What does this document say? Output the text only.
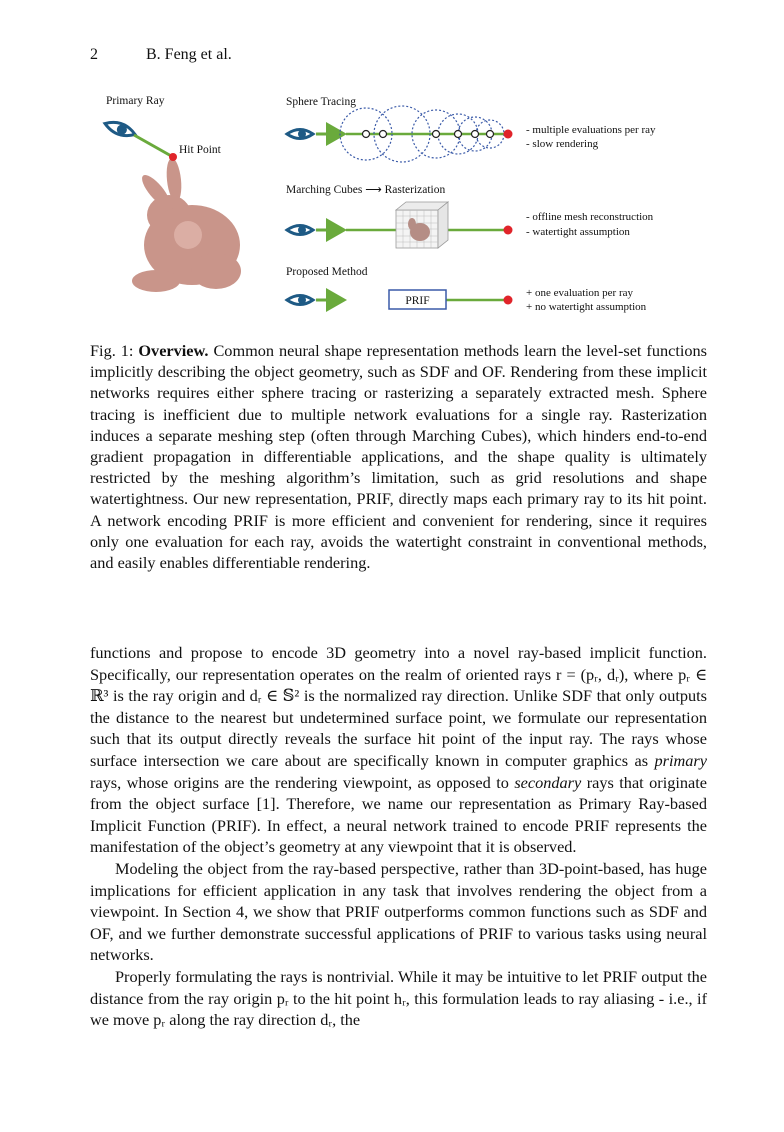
2	B. Feng et al.
Primary Ray
Hit Point
Sphere Tracing
- multiple evaluations per ray
- slow rendering
Marching Cubes ⟶ Rasterization
- offline mesh reconstruction
- watertight assumption
Proposed Method
PRIF
+ one evaluation per ray
+ no watertight assumption
Fig. 1: Overview. Common neural shape representation methods learn the level-set functions implicitly describing the object geometry, such as SDF and OF. Rendering from these implicit networks requires either sphere tracing or rasterizing a separately extracted mesh. Sphere tracing is inefficient due to multiple network evaluations for a single ray. Rasterization induces a separate meshing step (often through Marching Cubes), which hinders end-to-end gradient propagation in differentiable applications, and the shape quality is ultimately restricted by the meshing algorithm’s limitation, such as grid resolutions and shape watertightness. Our new representation, PRIF, directly maps each primary ray to its hit point. A network encoding PRIF is more efficient and convenient for rendering, since it requires only one evaluation for each ray, avoids the watertight constraint in conventional methods, and easily enables differentiable rendering.

functions and propose to encode 3D geometry into a novel ray-based implicit function. Specifically, our representation operates on the realm of oriented rays r = (pᵣ, dᵣ), where pᵣ ∈ ℝ³ is the ray origin and dᵣ ∈ 𝕊² is the normalized ray direction. Unlike SDF that only outputs the distance to the nearest but undetermined surface point, we formulate our representation such that its output directly reveals the surface hit point of the input ray. The rays whose surface intersection we care about are specifically known in computer graphics as primary rays, whose origins are the rendering viewpoint, as opposed to secondary rays that originate from the object surface [1]. Therefore, we name our representation as Primary Ray-based Implicit Function (PRIF). In effect, a neural network trained to encode PRIF represents the manifestation of the object’s geometry at any viewpoint that it is observed.

Modeling the object from the ray-based perspective, rather than 3D-point-based, has huge implications for efficient application in any task that involves rendering the object from a viewpoint. In Section 4, we show that PRIF outperforms common functions such as SDF and OF, and we further demonstrate successful applications of PRIF to various tasks using neural networks.

Properly formulating the rays is nontrivial. While it may be intuitive to let PRIF output the distance from the ray origin pᵣ to the hit point hᵣ, this formulation leads to ray aliasing - i.e., if we move pᵣ along the ray direction dᵣ, the
